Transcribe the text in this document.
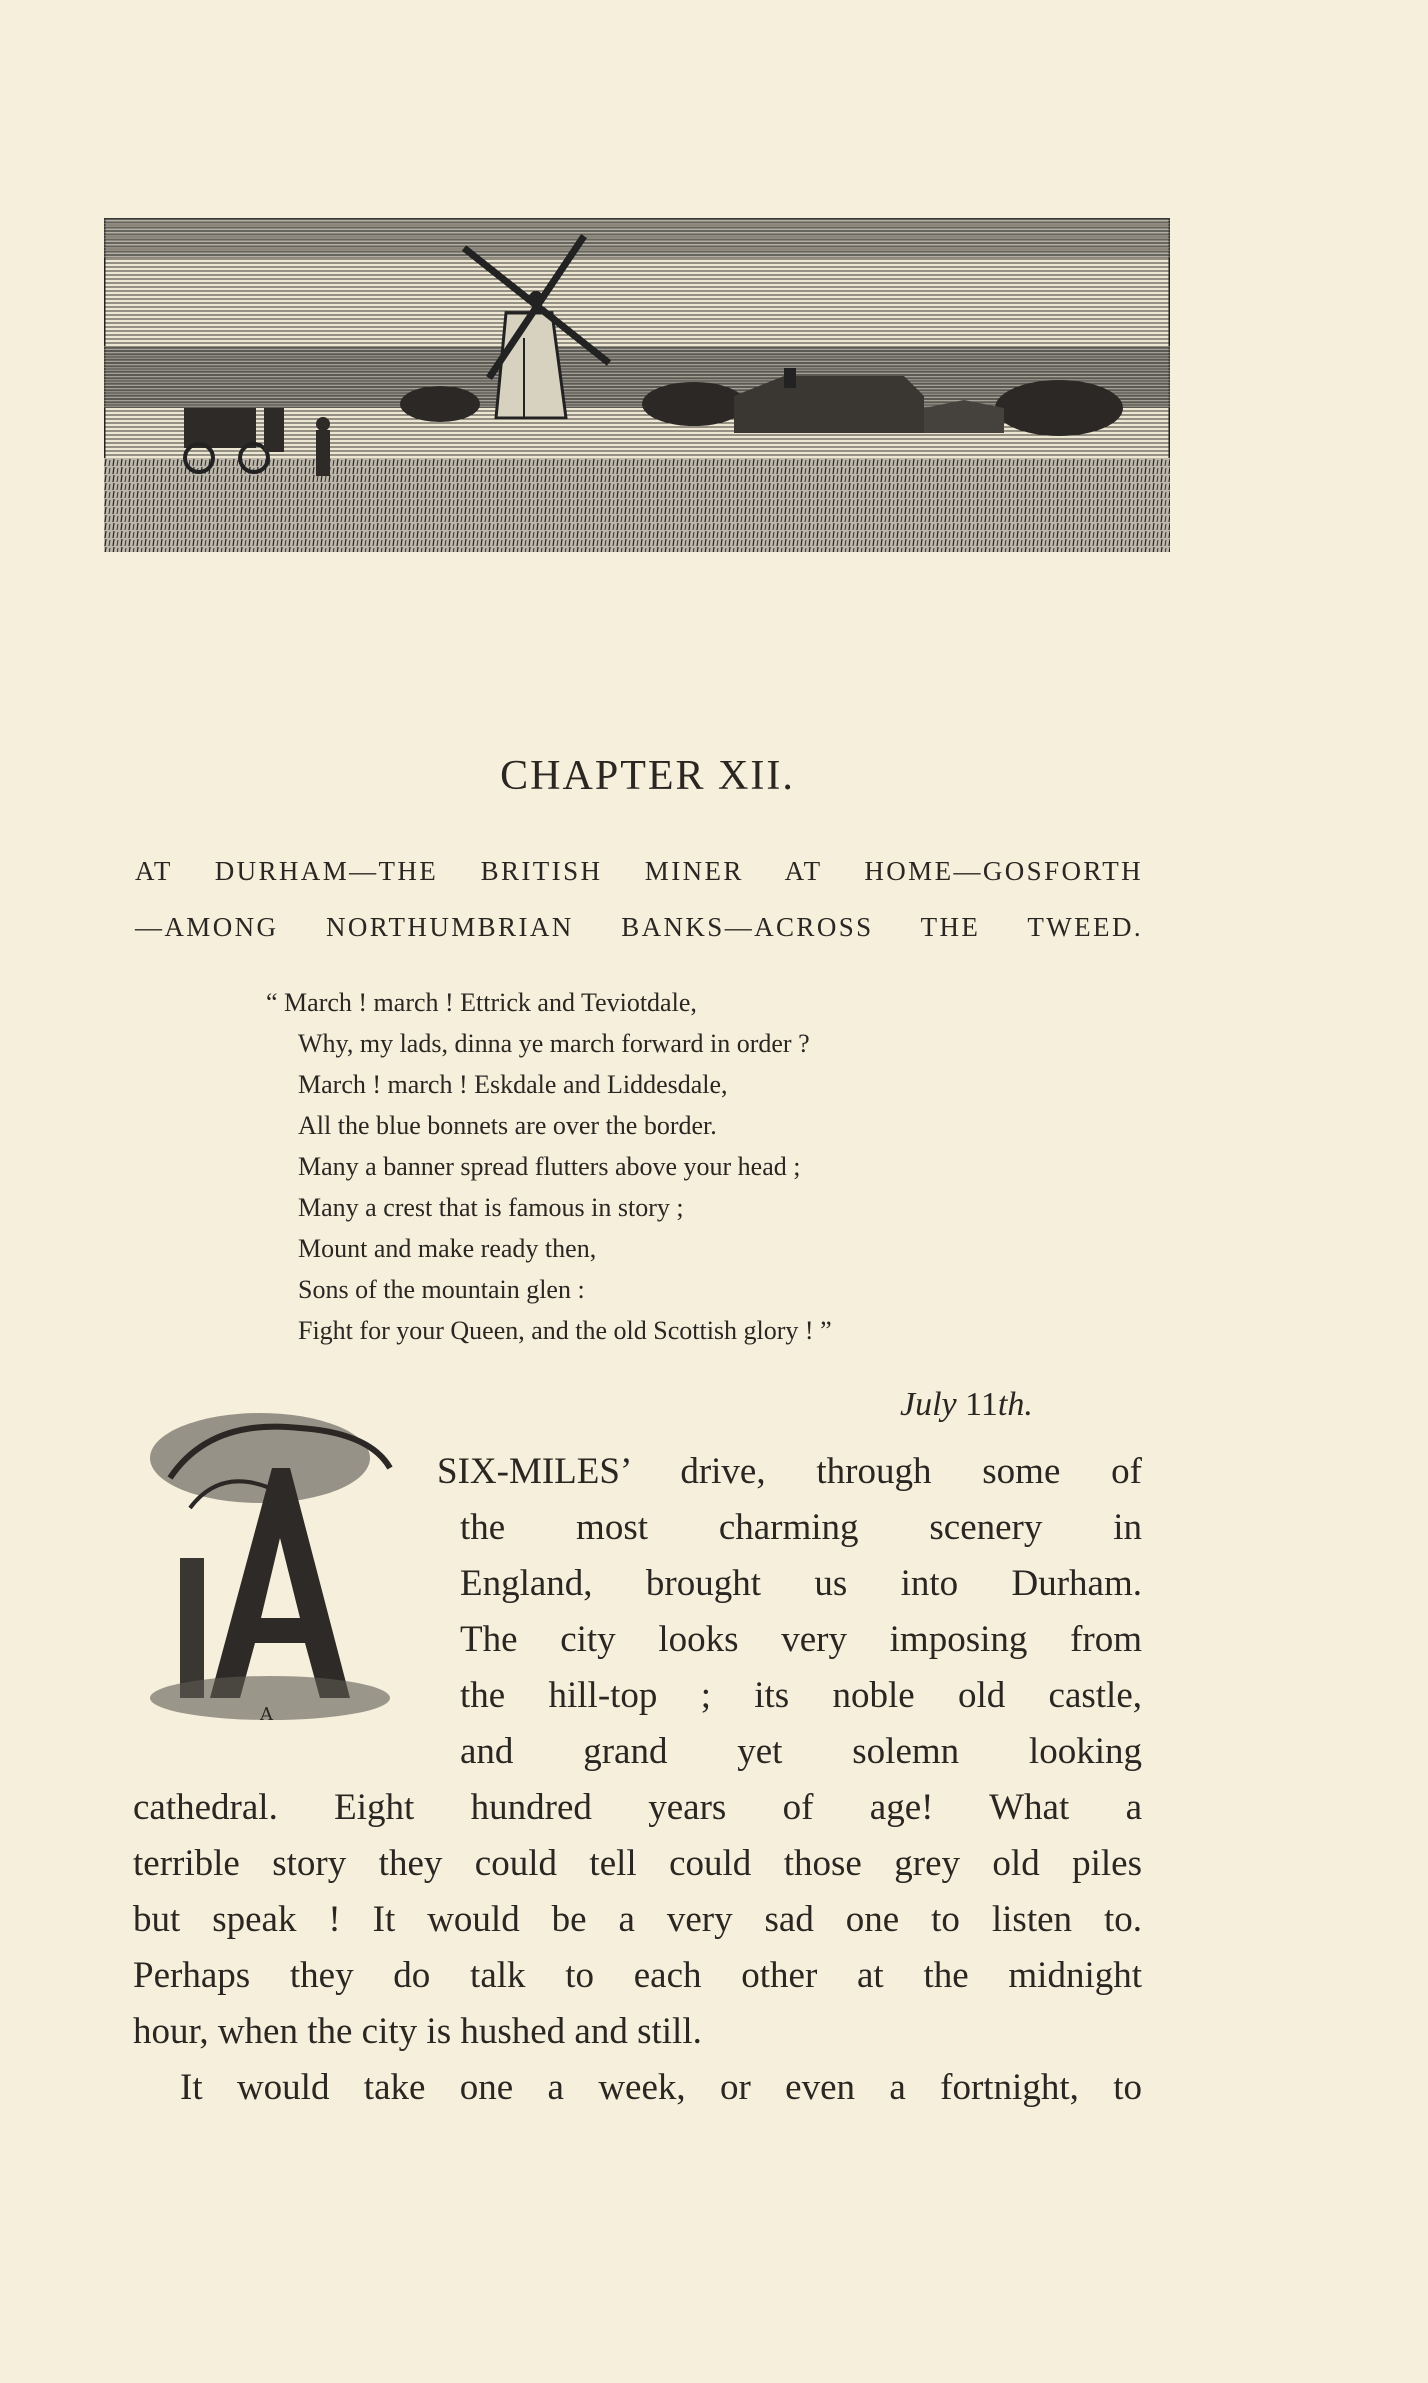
CHAPTER XII.
AT DURHAM—THE BRITISH MINER AT HOME—GOSFORTH
—AMONG NORTHUMBRIAN BANKS—ACROSS THE TWEED.
“ March ! march ! Ettrick and Teviotdale,
Why, my lads, dinna ye march forward in order ?
March ! march ! Eskdale and Liddesdale,
All the blue bonnets are over the border.
Many a banner spread flutters above your head ;
Many a crest that is famous in story ;
Mount and make ready then,
Sons of the mountain glen :
Fight for your Queen, and the old Scottish glory ! ”
July 11th.
A
SIX-MILES’ drive, through some of
the most charming scenery in
England, brought us into Durham.
The city looks very imposing from
the hill-top ; its noble old castle,
and grand yet solemn looking
cathedral. Eight hundred years of age! What a
terrible story they could tell could those grey old piles
but speak ! It would be a very sad one to listen to.
Perhaps they do talk to each other at the midnight
hour, when the city is hushed and still.
It would take one a week, or even a fortnight, to
